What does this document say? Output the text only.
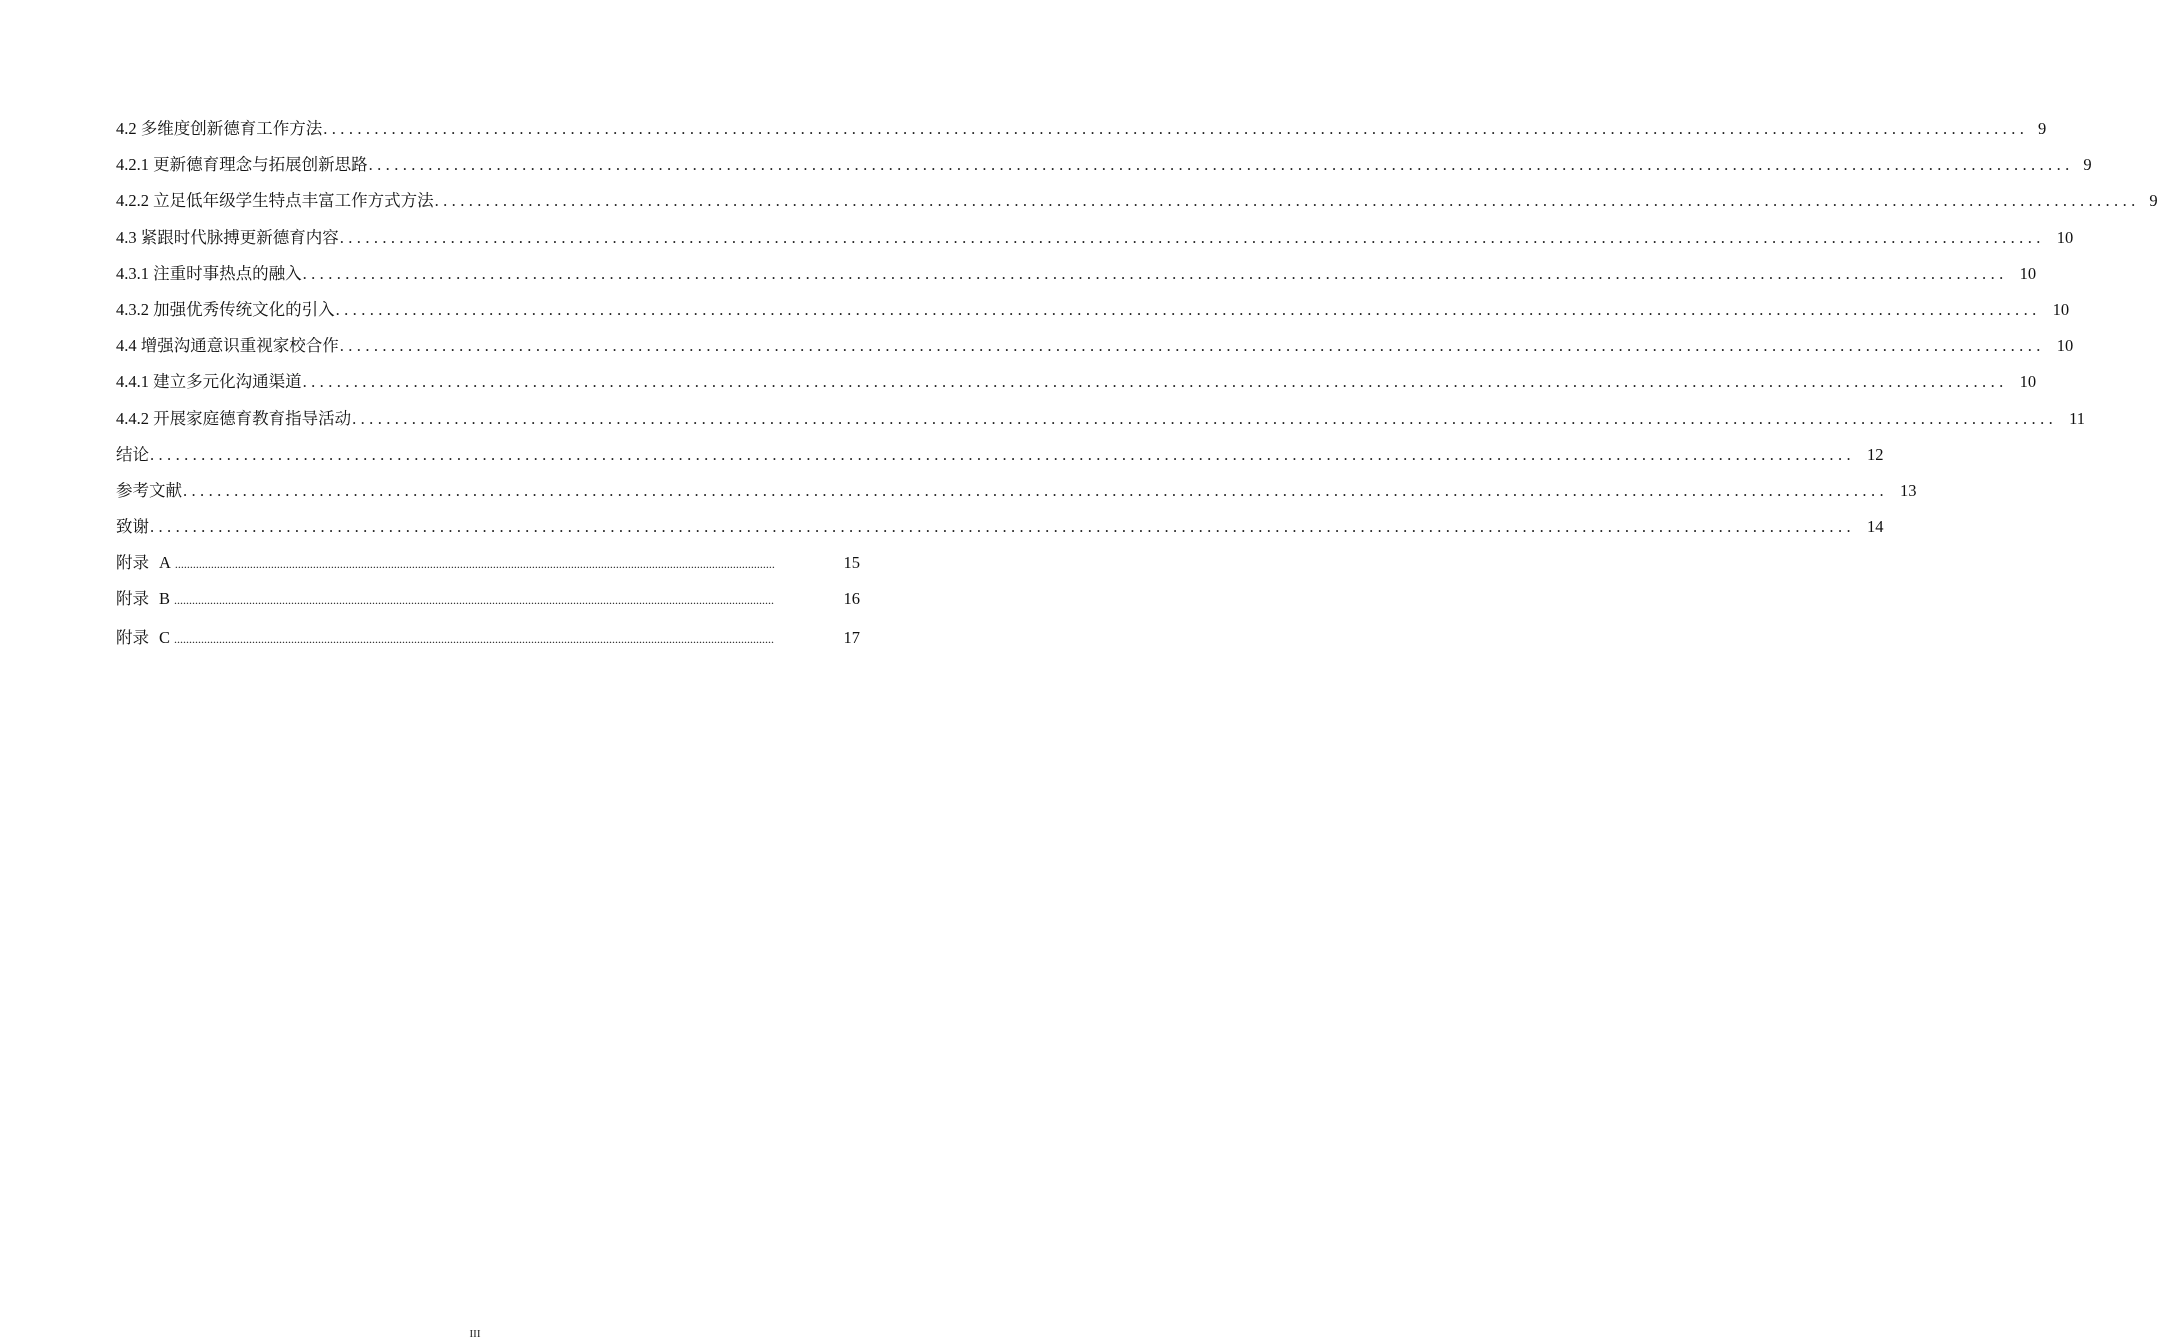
4.2 多维度创新德育工作方法 ........................................................................................................................................................................................................ 9
4.2.1 更新德育理念与拓展创新思路 ........................................................................................................................................................................................................ 9
4.2.2 立足低年级学生特点丰富工作方式方法 ........................................................................................................................................................................................................ 9
4.3 紧跟时代脉搏更新德育内容 ........................................................................................................................................................................................................ 10
4.3.1 注重时事热点的融入 ........................................................................................................................................................................................................ 10
4.3.2 加强优秀传统文化的引入 ........................................................................................................................................................................................................ 10
4.4 增强沟通意识重视家校合作 ........................................................................................................................................................................................................ 10
4.4.1 建立多元化沟通渠道 ........................................................................................................................................................................................................ 10
4.4.2 开展家庭德育教育指导活动 ........................................................................................................................................................................................................ 11
结论 ........................................................................................................................................................................................................ 12
参考文献 ........................................................................................................................................................................................................ 13
致谢 ........................................................................................................................................................................................................ 14
附录 A ........................................................................................................................................................................................................	15
附录 B ........................................................................................................................................................................................................	16
附录 C ........................................................................................................................................................................................................	17
III
